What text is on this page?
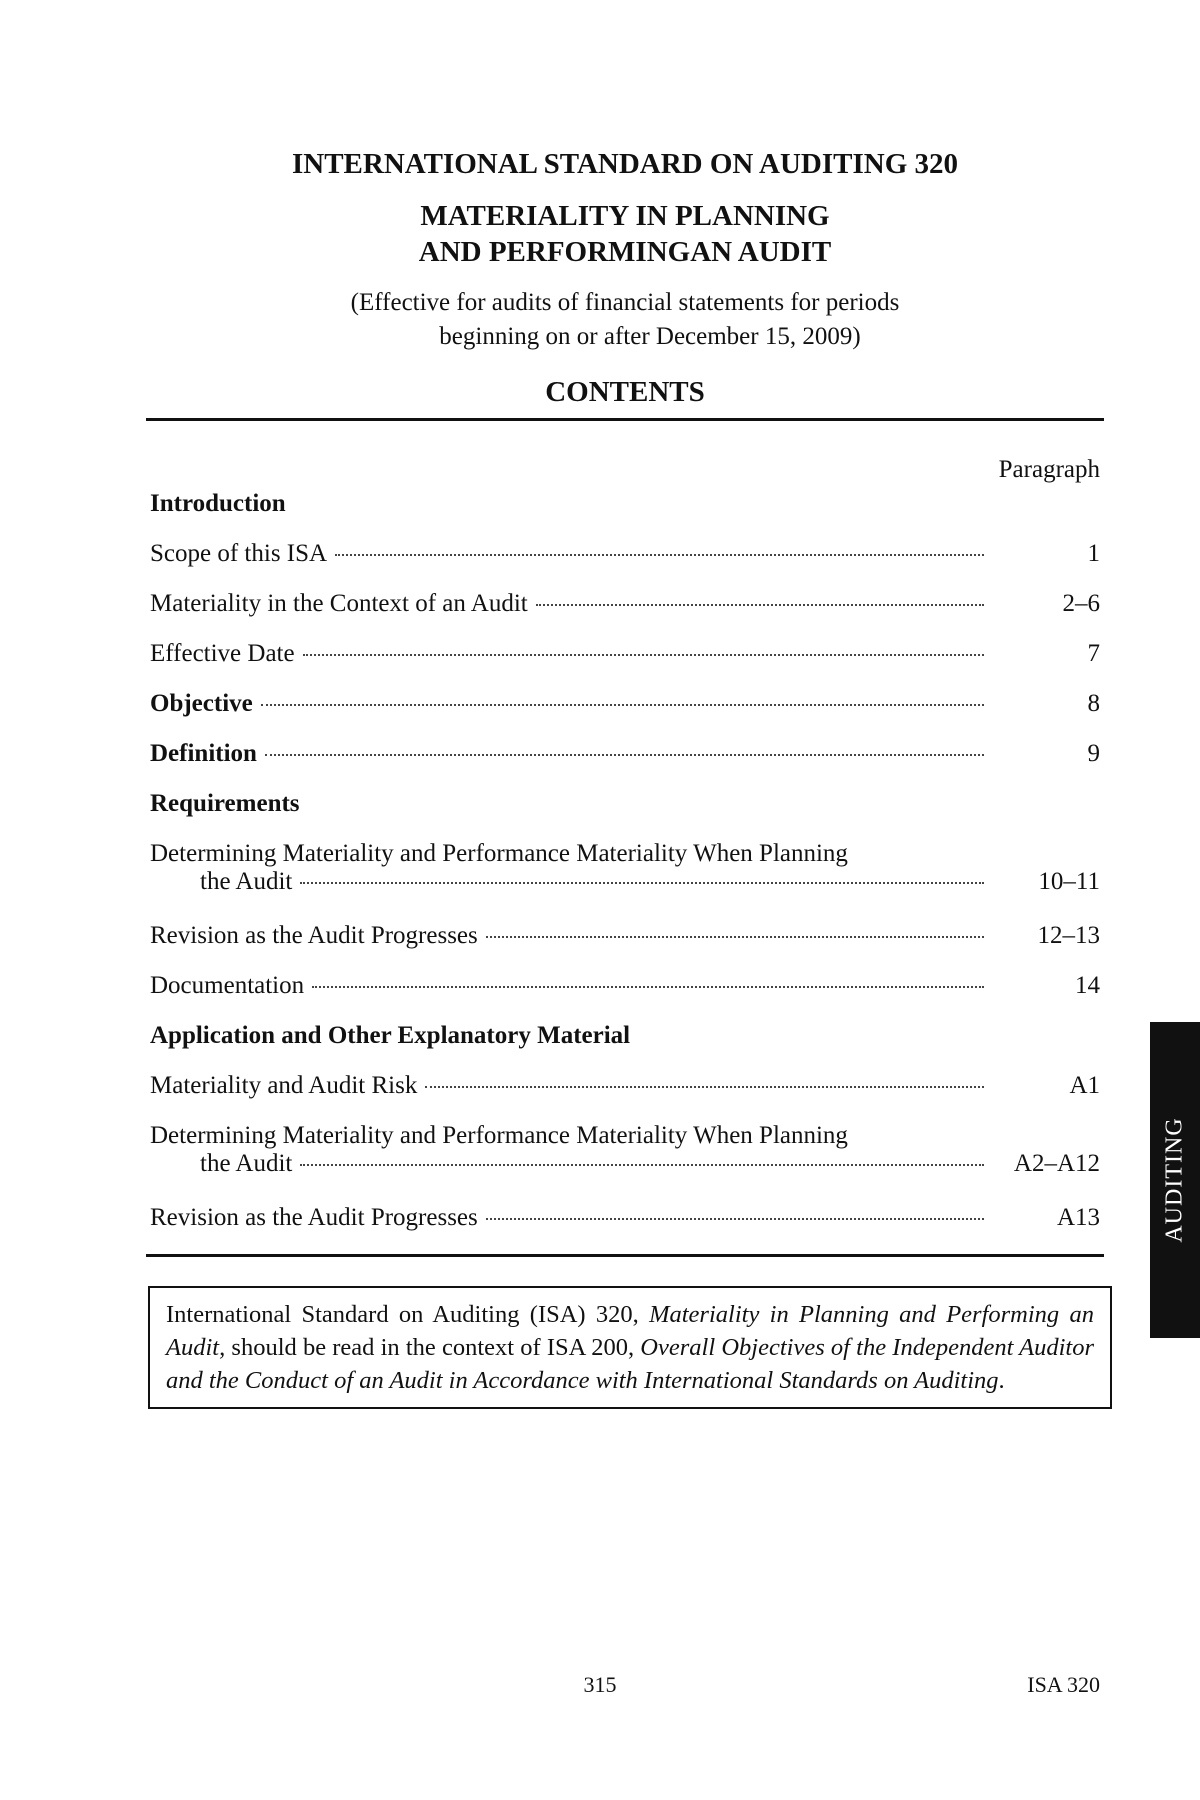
INTERNATIONAL STANDARD ON AUDITING 320
MATERIALITY IN PLANNING
AND PERFORMINGAN AUDIT
(Effective for audits of financial statements for periods
beginning on or after December 15, 2009)
CONTENTS
Paragraph
Introduction
Scope of this ISA	1
Materiality in the Context of an Audit	2–6
Effective Date	7
Objective	8
Definition	9
Requirements
Determining Materiality and Performance Materiality When Planning
the Audit	10–11
Revision as the Audit Progresses	12–13
Documentation	14
Application and Other Explanatory Material
Materiality and Audit Risk	A1
Determining Materiality and Performance Materiality When Planning
the Audit	A2–A12
Revision as the Audit Progresses	A13
International Standard on Auditing (ISA) 320, Materiality in Planning and Performing an Audit, should be read in the context of ISA 200, Overall Objectives of the Independent Auditor and the Conduct of an Audit in Accordance with International Standards on Auditing.
AUDITING
315	ISA 320
